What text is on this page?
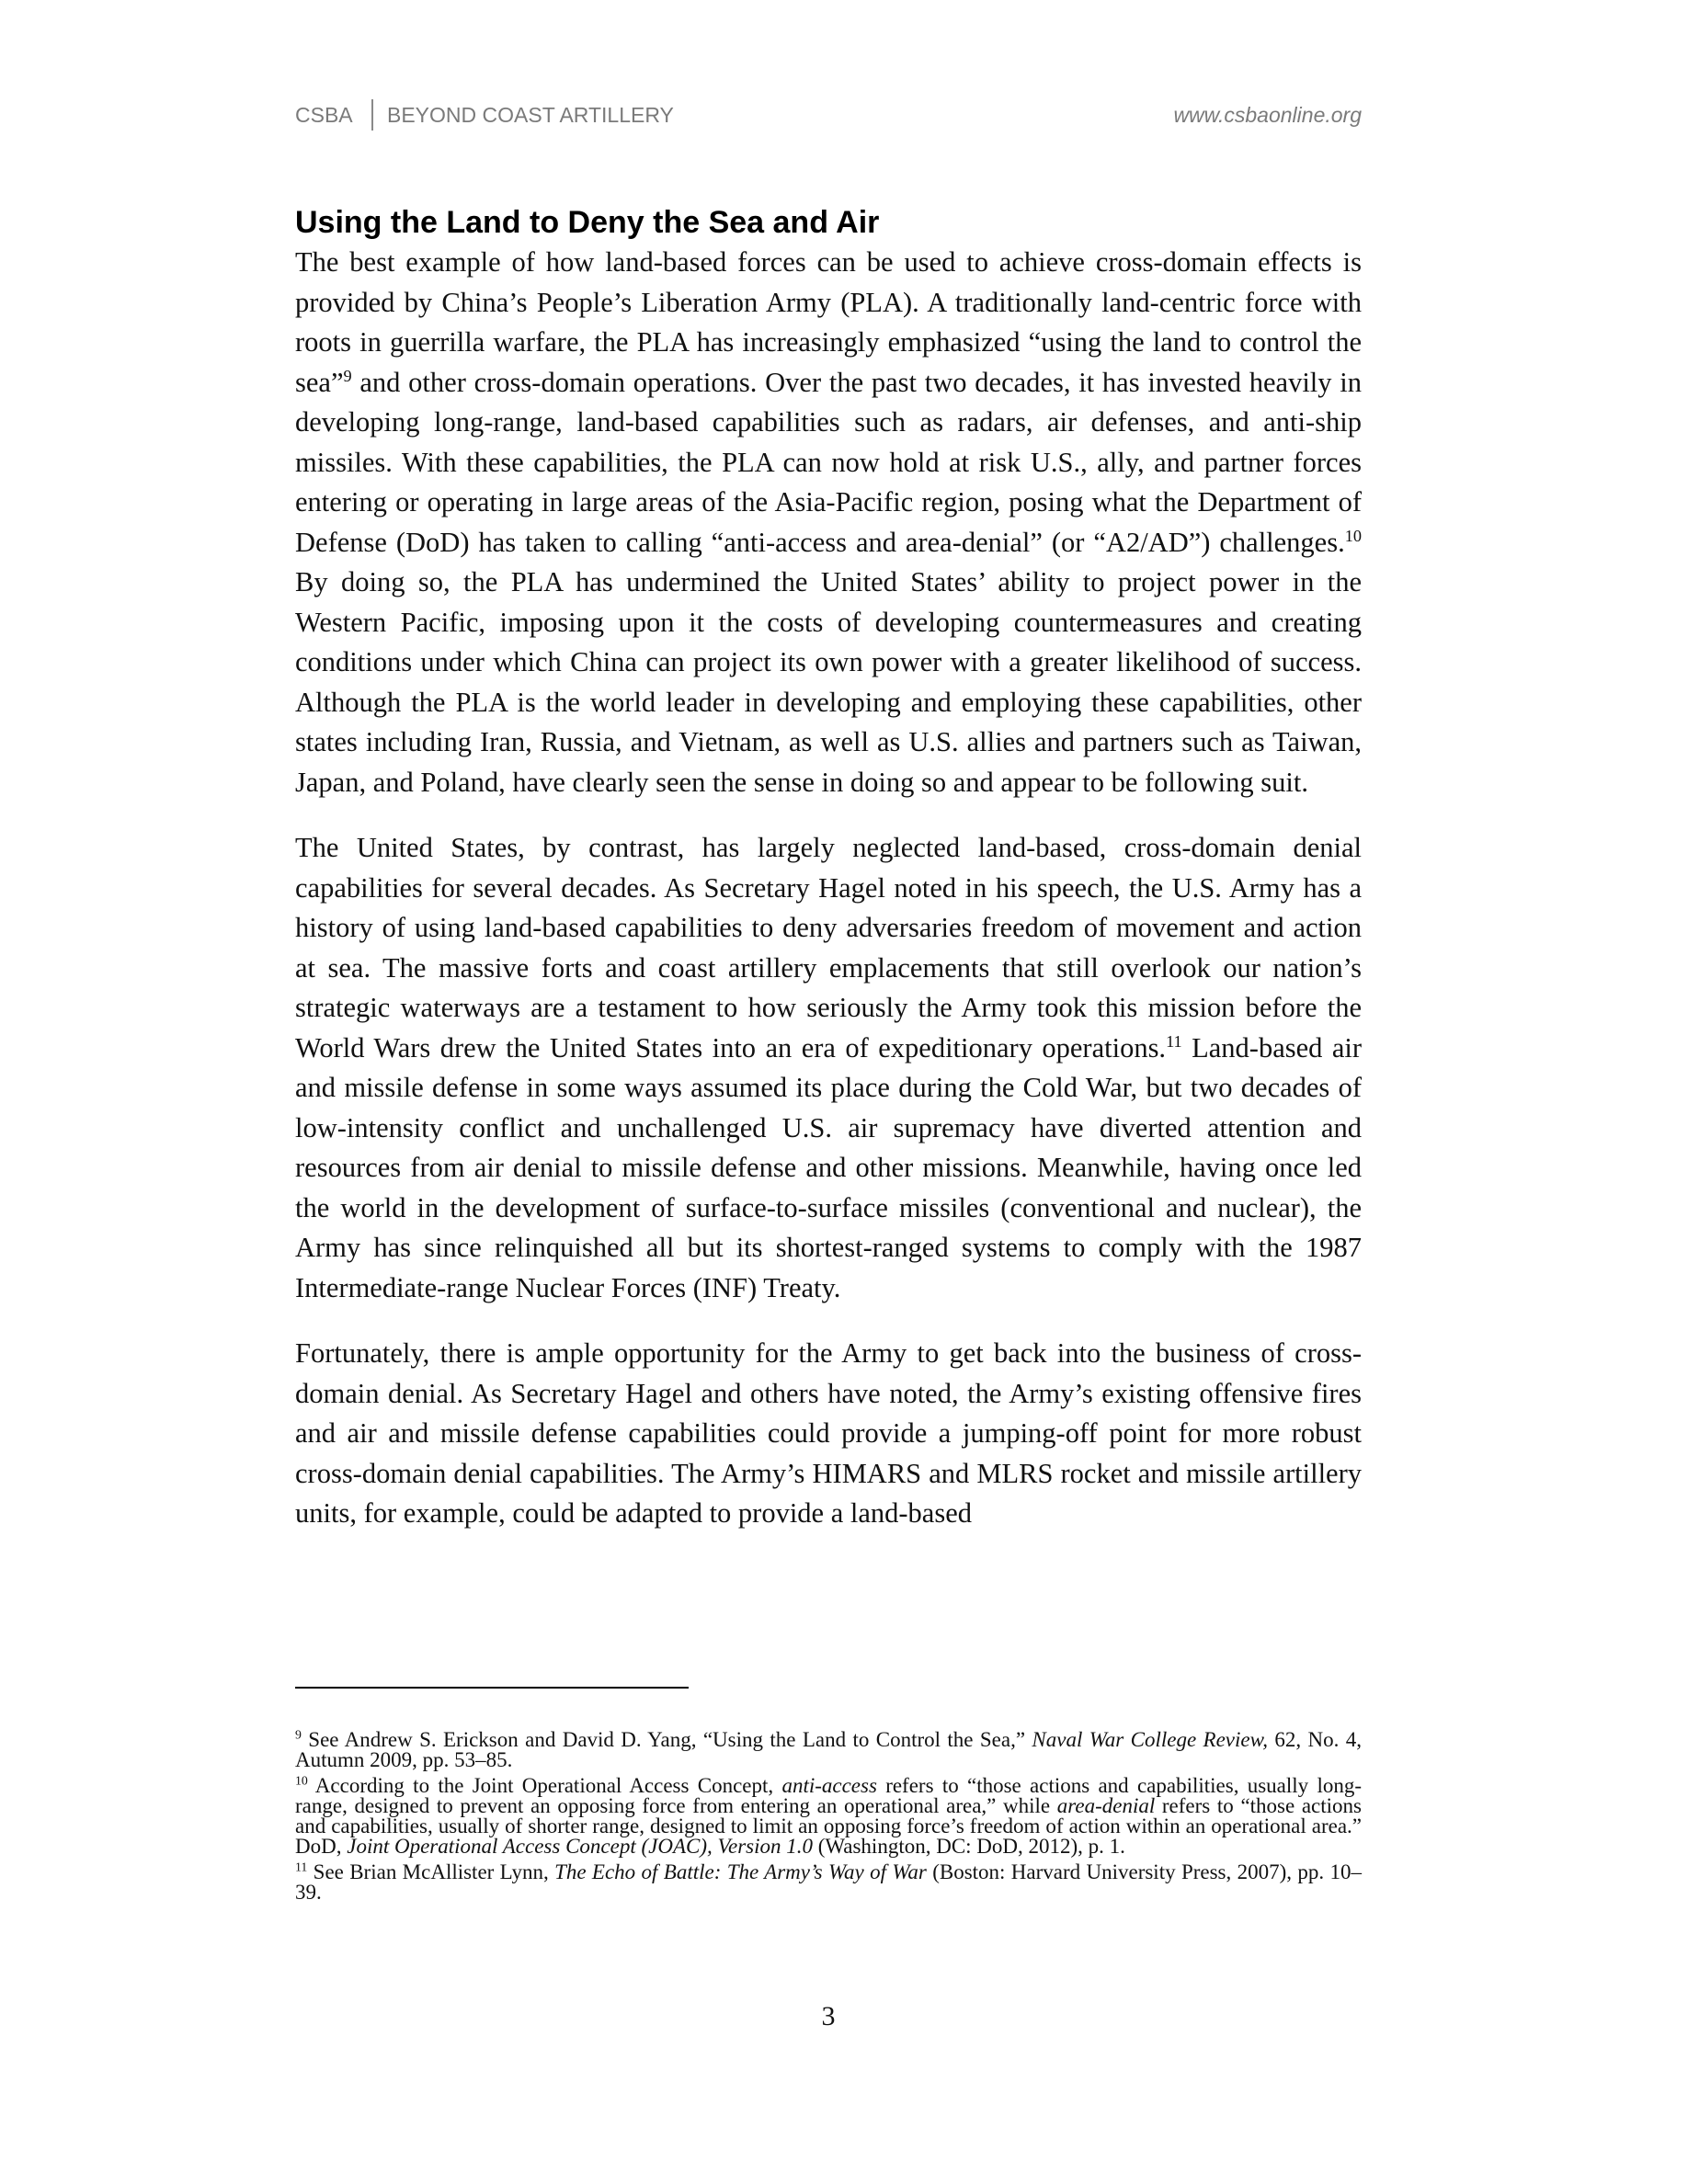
CSBA BEYOND COAST ARTILLERY	www.csbaonline.org
Using the Land to Deny the Sea and Air

The best example of how land-based forces can be used to achieve cross-domain effects is provided by China’s People’s Liberation Army (PLA). A traditionally land-centric force with roots in guerrilla warfare, the PLA has increasingly emphasized “using the land to control the sea”$^9$ and other cross-domain operations. Over the past two decades, it has invested heavily in developing long-range, land-based capabilities such as radars, air defenses, and anti-ship missiles. With these capabilities, the PLA can now hold at risk U.S., ally, and partner forces entering or operating in large areas of the Asia-Pacific region, posing what the Department of Defense (DoD) has taken to calling “anti-access and area-denial” (or “A2/AD”) challenges.$^{10}$ By doing so, the PLA has undermined the United States’ ability to project power in the Western Pacific, imposing upon it the costs of developing countermeasures and creating conditions under which China can project its own power with a greater likelihood of success. Although the PLA is the world leader in developing and employing these capabilities, other states including Iran, Russia, and Vietnam, as well as U.S. allies and partners such as Taiwan, Japan, and Poland, have clearly seen the sense in doing so and appear to be following suit.

The United States, by contrast, has largely neglected land-based, cross-domain denial capabilities for several decades. As Secretary Hagel noted in his speech, the U.S. Army has a history of using land-based capabilities to deny adversaries freedom of movement and action at sea. The massive forts and coast artillery emplacements that still overlook our nation’s strategic waterways are a testament to how seriously the Army took this mission before the World Wars drew the United States into an era of expeditionary operations.$^{11}$ Land-based air and missile defense in some ways assumed its place during the Cold War, but two decades of low-intensity conflict and unchallenged U.S. air supremacy have diverted attention and resources from air denial to missile defense and other missions. Meanwhile, having once led the world in the development of surface-to-surface missiles (conventional and nuclear), the Army has since relinquished all but its shortest-ranged systems to comply with the 1987 Intermediate-range Nuclear Forces (INF) Treaty.

Fortunately, there is ample opportunity for the Army to get back into the business of cross-domain denial. As Secretary Hagel and others have noted, the Army’s existing offensive fires and air and missile defense capabilities could provide a jumping-off point for more robust cross-domain denial capabilities. The Army’s HIMARS and MLRS rocket and missile artillery units, for example, could be adapted to provide a land-based

$^9$ See Andrew S. Erickson and David D. Yang, “Using the Land to Control the Sea,” Naval War College Review, 62, No. 4, Autumn 2009, pp. 53–85.

$^{10}$ According to the Joint Operational Access Concept, anti-access refers to “those actions and capabilities, usually long-range, designed to prevent an opposing force from entering an operational area,” while area-denial refers to “those actions and capabilities, usually of shorter range, designed to limit an opposing force’s freedom of action within an operational area.” DoD, Joint Operational Access Concept (JOAC), Version 1.0 (Washington, DC: DoD, 2012), p. 1.

$^{11}$ See Brian McAllister Lynn, The Echo of Battle: The Army’s Way of War (Boston: Harvard University Press, 2007), pp. 10–39.

3
